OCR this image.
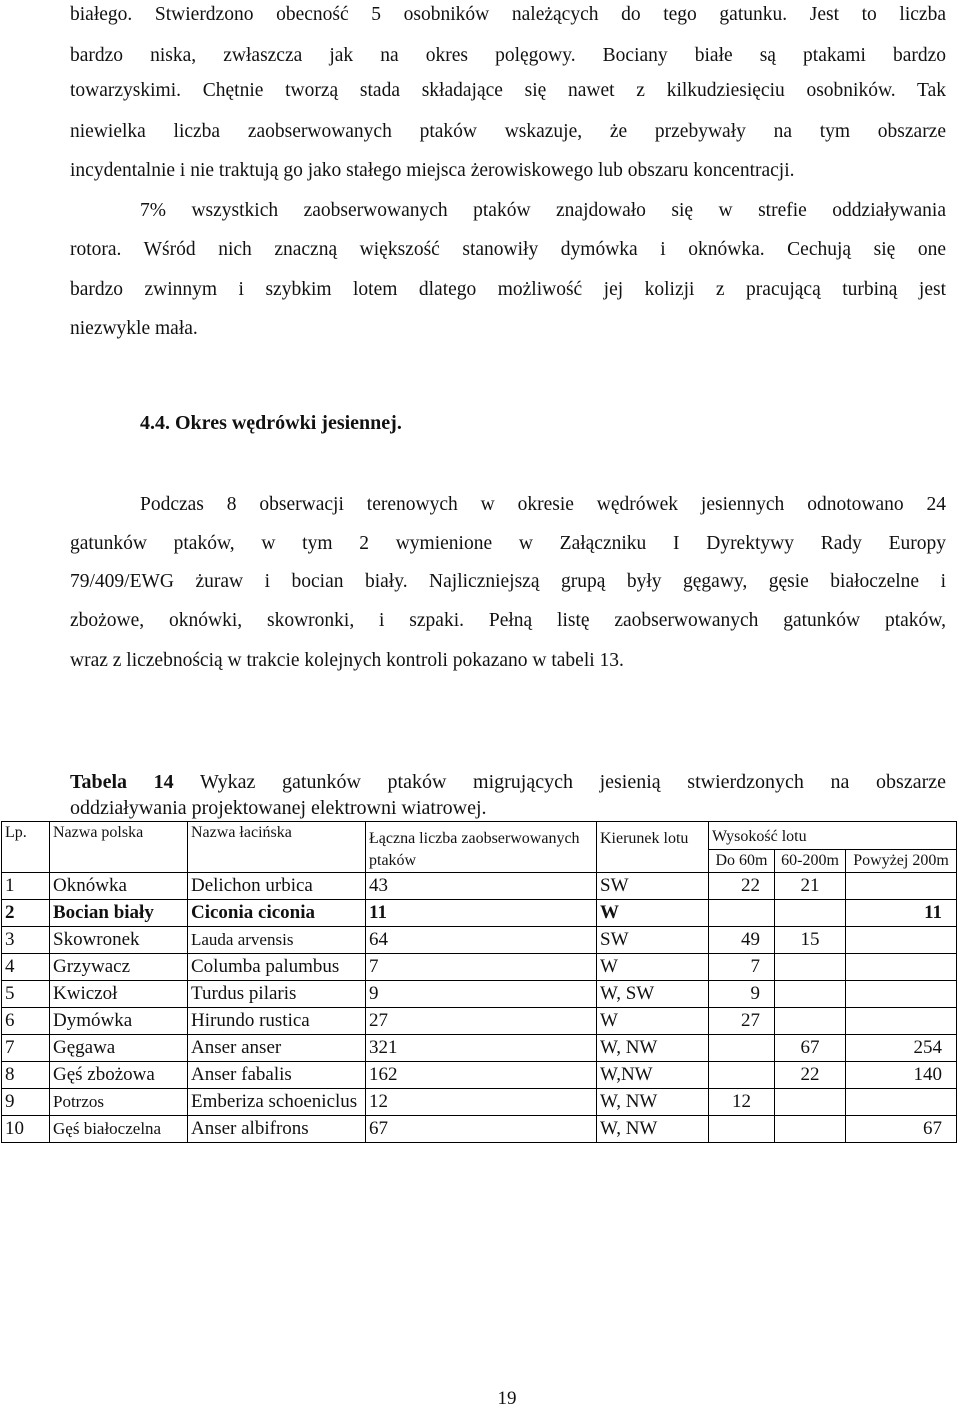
białego. Stwierdzono obecność 5 osobników należących do tego gatunku. Jest to liczba
bardzo niska, zwłaszcza jak na okres polęgowy. Bociany białe są ptakami bardzo
towarzyskimi. Chętnie tworzą stada składające się nawet z kilkudziesięciu osobników. Tak
niewielka liczba zaobserwowanych ptaków wskazuje, że przebywały na tym obszarze
incydentalnie i nie traktują go jako stałego miejsca żerowiskowego lub obszaru koncentracji.
7% wszystkich zaobserwowanych ptaków znajdowało się w strefie oddziaływania
rotora. Wśród nich znaczną większość stanowiły dymówka i oknówka. Cechują się one
bardzo zwinnym i szybkim lotem dlatego możliwość jej kolizji z pracującą turbiną jest
niezwykle mała.
4.4. Okres wędrówki jesiennej.
Podczas 8 obserwacji terenowych w okresie wędrówek jesiennych odnotowano 24
gatunków ptaków, w tym 2 wymienione w Załączniku I Dyrektywy Rady Europy
79/409/EWG żuraw i bocian biały. Najliczniejszą grupą były gęgawy, gęsie białoczelne i
zbożowe, oknówki, skowronki, i szpaki. Pełną listę zaobserwowanych gatunków ptaków,
wraz z liczebnością w trakcie kolejnych kontroli pokazano w tabeli 13.
Tabela 14 Wykaz gatunków ptaków migrujących jesienią stwierdzonych na obszarze
oddziaływania projektowanej elektrowni wiatrowej.
Lp.	Nazwa polska	Nazwa łacińska	Łączna liczba zaobserwowanych ptaków	Kierunek lotu	Wysokość lotu		
					Do 60m	60-200m	Powyżej 200m
1	Oknówka	Delichon urbica	43	SW	22	21	
2	Bocian biały	Ciconia ciconia	11	W			11
3	Skowronek	Lauda arvensis	64	SW	49	15	
4	Grzywacz	Columba palumbus	7	W	7		
5	Kwiczoł	Turdus pilaris	9	W, SW	9		
6	Dymówka	Hirundo rustica	27	W	27		
7	Gęgawa	Anser anser	321	W, NW		67	254
8	Gęś zbożowa	Anser fabalis	162	W,NW		22	140
9	Potrzos	Emberiza schoeniclus	12	W, NW	12		
10	Gęś białoczelna	Anser albifrons	67	W, NW			67
19
